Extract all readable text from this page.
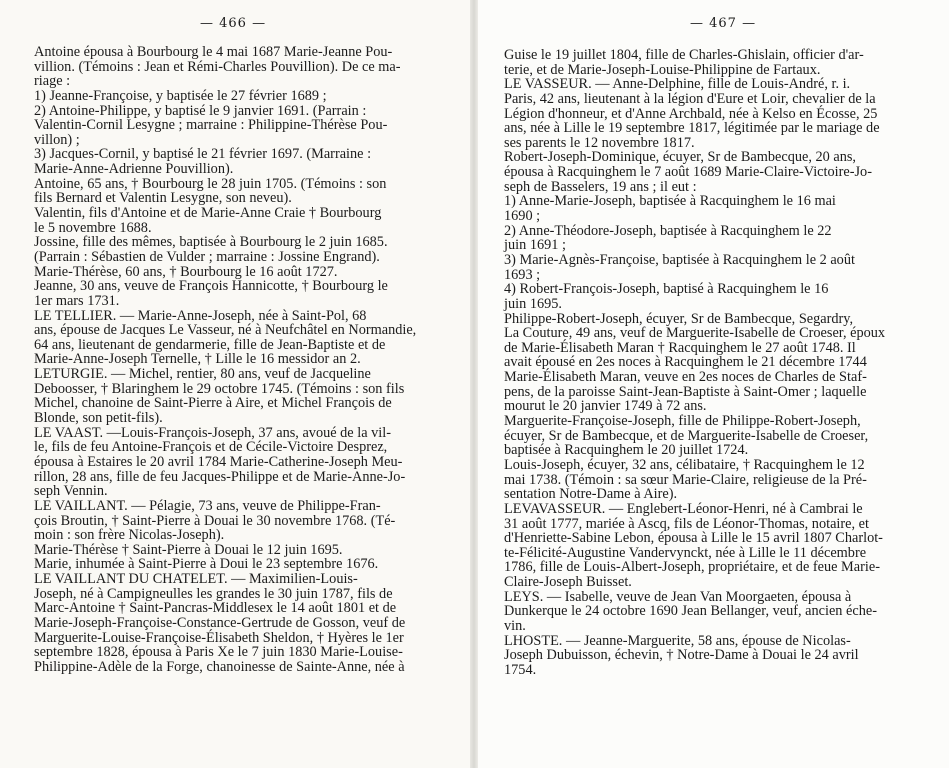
— 466 —
Antoine épousa à Bourbourg le 4 mai 1687 Marie-Jeanne Pou-
villion. (Témoins : Jean et Rémi-Charles Pouvillion). De ce ma-
riage :
1) Jeanne-Françoise, y baptisée le 27 février 1689 ;
2) Antoine-Philippe, y baptisé le 9 janvier 1691. (Parrain :
Valentin-Cornil Lesygne ; marraine : Philippine-Thérèse Pou-
villon) ;
3) Jacques-Cornil, y baptisé le 21 février 1697. (Marraine :
Marie-Anne-Adrienne Pouvillion).
Antoine, 65 ans, † Bourbourg le 28 juin 1705. (Témoins : son
fils Bernard et Valentin Lesygne, son neveu).
Valentin, fils d'Antoine et de Marie-Anne Craie † Bourbourg
le 5 novembre 1688.
Jossine, fille des mêmes, baptisée à Bourbourg le 2 juin 1685.
(Parrain : Sébastien de Vulder ; marraine : Jossine Engrand).
Marie-Thérèse, 60 ans, † Bourbourg le 16 août 1727.
Jeanne, 30 ans, veuve de François Hannicotte, † Bourbourg le
1er mars 1731.
LE TELLIER. — Marie-Anne-Joseph, née à Saint-Pol, 68
ans, épouse de Jacques Le Vasseur, né à Neufchâtel en Normandie,
64 ans, lieutenant de gendarmerie, fille de Jean-Baptiste et de
Marie-Anne-Joseph Ternelle, † Lille le 16 messidor an 2.
LETURGIE. — Michel, rentier, 80 ans, veuf de Jacqueline
Deboosser, † Blaringhem le 29 octobre 1745. (Témoins : son fils
Michel, chanoine de Saint-Pierre à Aire, et Michel François de
Blonde, son petit-fils).
LE VAAST. —Louis-François-Joseph, 37 ans, avoué de la vil-
le, fils de feu Antoine-François et de Cécile-Victoire Desprez,
épousa à Estaires le 20 avril 1784 Marie-Catherine-Joseph Meu-
rillon, 28 ans, fille de feu Jacques-Philippe et de Marie-Anne-Jo-
seph Vennin.
LE VAILLANT. — Pélagie, 73 ans, veuve de Philippe-Fran-
çois Broutin, † Saint-Pierre à Douai le 30 novembre 1768. (Té-
moin : son frère Nicolas-Joseph).
Marie-Thérèse † Saint-Pierre à Douai le 12 juin 1695.
Marie, inhumée à Saint-Pierre à Doui le 23 septembre 1676.
LE VAILLANT DU CHATELET. — Maximilien-Louis-
Joseph, né à Campigneulles les grandes le 30 juin 1787, fils de
Marc-Antoine † Saint-Pancras-Middlesex le 14 août 1801 et de
Marie-Joseph-Françoise-Constance-Gertrude de Gosson, veuf de
Marguerite-Louise-Françoise-Élisabeth Sheldon, † Hyères le 1er
septembre 1828, épousa à Paris Xe le 7 juin 1830 Marie-Louise-
Philippine-Adèle de la Forge, chanoinesse de Sainte-Anne, née à
— 467 —
Guise le 19 juillet 1804, fille de Charles-Ghislain, officier d'ar-
terie, et de Marie-Joseph-Louise-Philippine de Fartaux.
LE VASSEUR. — Anne-Delphine, fille de Louis-André, r. i.
Paris, 42 ans, lieutenant à la légion d'Eure et Loir, chevalier de la
Légion d'honneur, et d'Anne Archbald, née à Kelso en Écosse, 25
ans, née à Lille le 19 septembre 1817, légitimée par le mariage de
ses parents le 12 novembre 1817.
Robert-Joseph-Dominique, écuyer, Sr de Bambecque, 20 ans,
épousa à Racquinghem le 7 août 1689 Marie-Claire-Victoire-Jo-
seph de Basselers, 19 ans ; il eut :
1) Anne-Marie-Joseph, baptisée à Racquinghem le 16 mai
1690 ;
2) Anne-Théodore-Joseph, baptisée à Racquinghem le 22
juin 1691 ;
3) Marie-Agnès-Françoise, baptisée à Racquinghem le 2 août
1693 ;
4) Robert-François-Joseph, baptisé à Racquinghem le 16
juin 1695.
Philippe-Robert-Joseph, écuyer, Sr de Bambecque, Segardry,
La Couture, 49 ans, veuf de Marguerite-Isabelle de Croeser, époux
de Marie-Élisabeth Maran † Racquinghem le 27 août 1748. Il
avait épousé en 2es noces à Racquinghem le 21 décembre 1744
Marie-Élisabeth Maran, veuve en 2es noces de Charles de Staf-
pens, de la paroisse Saint-Jean-Baptiste à Saint-Omer ; laquelle
mourut le 20 janvier 1749 à 72 ans.
Marguerite-Françoise-Joseph, fille de Philippe-Robert-Joseph,
écuyer, Sr de Bambecque, et de Marguerite-Isabelle de Croeser,
baptisée à Racquinghem le 20 juillet 1724.
Louis-Joseph, écuyer, 32 ans, célibataire, † Racquinghem le 12
mai 1738. (Témoin : sa sœur Marie-Claire, religieuse de la Pré-
sentation Notre-Dame à Aire).
LEVAVASSEUR. — Englebert-Léonor-Henri, né à Cambrai le
31 août 1777, mariée à Ascq, fils de Léonor-Thomas, notaire, et
d'Henriette-Sabine Lebon, épousa à Lille le 15 avril 1807 Charlot-
te-Félicité-Augustine Vandervynckt, née à Lille le 11 décembre
1786, fille de Louis-Albert-Joseph, propriétaire, et de feue Marie-
Claire-Joseph Buisset.
LEYS. — Isabelle, veuve de Jean Van Moorgaeten, épousa à
Dunkerque le 24 octobre 1690 Jean Bellanger, veuf, ancien éche-
vin.
LHOSTE. — Jeanne-Marguerite, 58 ans, épouse de Nicolas-
Joseph Dubuisson, échevin, † Notre-Dame à Douai le 24 avril
1754.
